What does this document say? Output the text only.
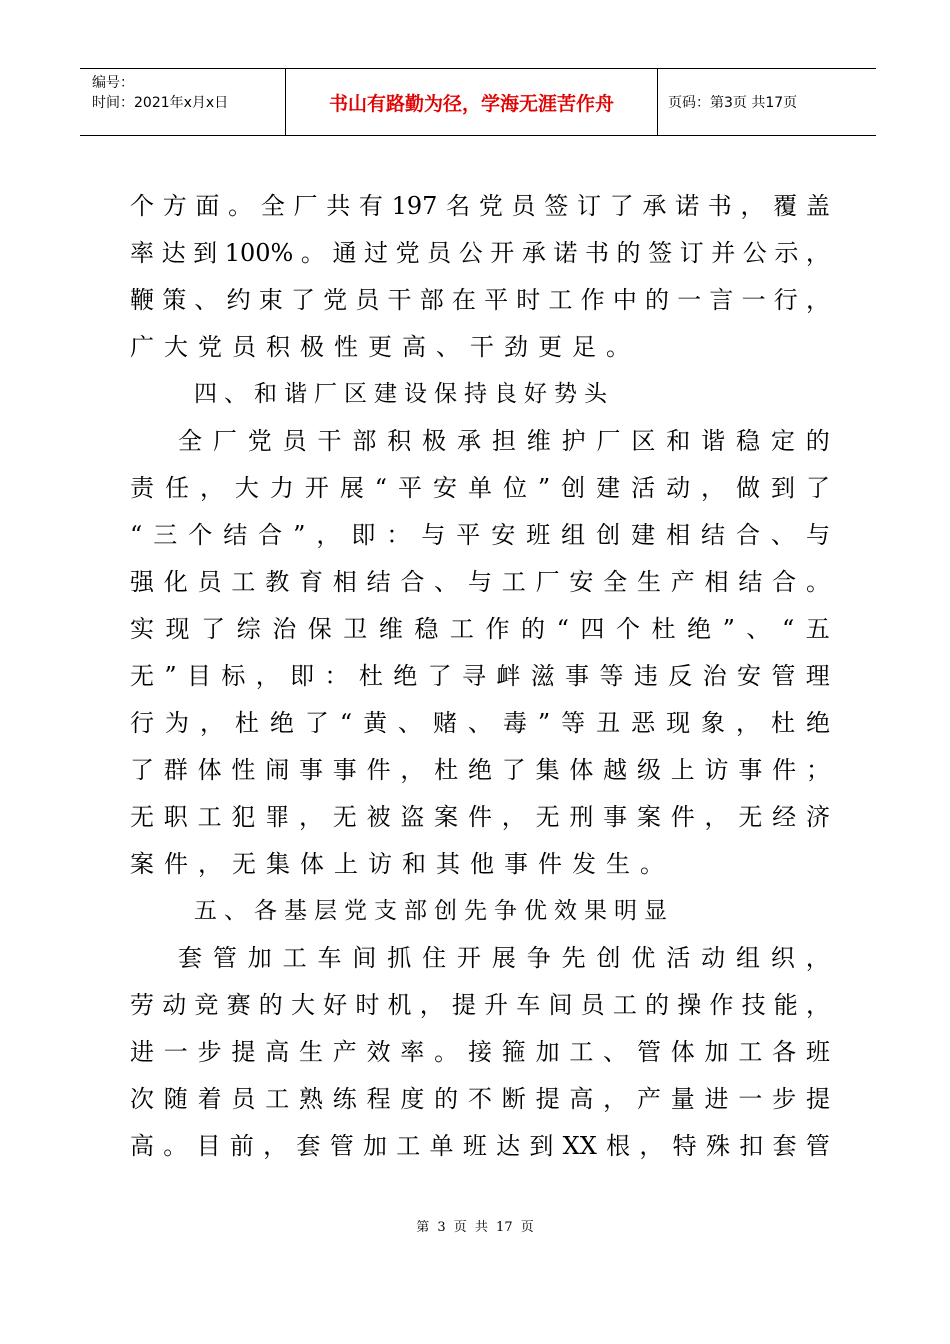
编号：
时间：2021年x月x日	书山有路勤为径，学海无涯苦作舟	页码：第3页 共17页
个 方 面 。 全 厂 共 有 197 名 党 员 签 订 了 承 诺 书 ， 覆 盖
率 达 到 100% 。 通 过 党 员 公 开 承 诺 书 的 签 订 并 公 示 ，
鞭 策 、 约 束 了 党 员 干 部 在 平 时 工 作 中 的 一 言 一 行 ，
广大党员积极性更高、干劲更足。
四、和谐厂区建设保持良好势头
全 厂 党 员 干 部 积 极 承 担 维 护 厂 区 和 谐 稳 定 的
责 任 ， 大 力 开 展 “ 平 安 单 位 ” 创 建 活 动 ， 做 到 了
“ 三 个 结 合 ” ， 即 ： 与 平 安 班 组 创 建 相 结 合 、 与
强 化 员 工 教 育 相 结 合 、 与 工 厂 安 全 生 产 相 结 合 。
实 现 了 综 治 保 卫 维 稳 工 作 的 “ 四 个 杜 绝 ” 、 “ 五
无 ” 目 标 ， 即 ： 杜 绝 了 寻 衅 滋 事 等 违 反 治 安 管 理
行 为 ， 杜 绝 了 “ 黄 、 赌 、 毒 ” 等 丑 恶 现 象 ， 杜 绝
了 群 体 性 闹 事 事 件 ， 杜 绝 了 集 体 越 级 上 访 事 件 ；
无 职 工 犯 罪 ， 无 被 盗 案 件 ， 无 刑 事 案 件 ， 无 经 济
案件，无集体上访和其他事件发生。
五、各基层党支部创先争优效果明显
套 管 加 工 车 间 抓 住 开 展 争 先 创 优 活 动 组 织 ，
劳 动 竞 赛 的 大 好 时 机 ， 提 升 车 间 员 工 的 操 作 技 能 ，
进 一 步 提 高 生 产 效 率 。 接 箍 加 工 、 管 体 加 工 各 班
次 随 着 员 工 熟 练 程 度 的 不 断 提 高 ， 产 量 进 一 步 提
高 。 目 前 ， 套 管 加 工 单 班 达 到 XX 根 ， 特 殊 扣 套 管
第 3 页 共 17 页
